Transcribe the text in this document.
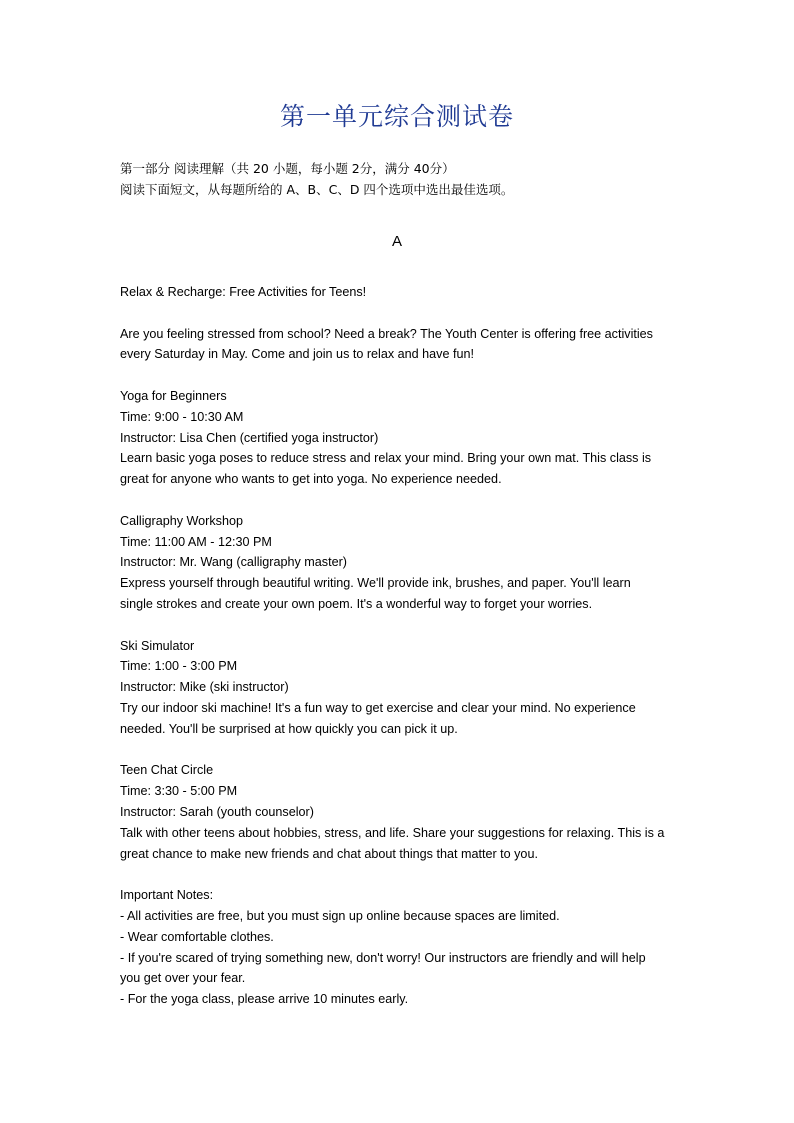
第一单元综合测试卷
第一部分 阅读理解（共 20 小题，每小题 2分，满分 40分）
阅读下面短文，从每题所给的 A、B、C、D 四个选项中选出最佳选项。
A

Relax & Recharge: Free Activities for Teens!

Are you feeling stressed from school? Need a break? The Youth Center is offering free activities

every Saturday in May. Come and join us to relax and have fun!

Yoga for Beginners

Time: 9:00 - 10:30 AM

Instructor: Lisa Chen (certified yoga instructor)

Learn basic yoga poses to reduce stress and relax your mind. Bring your own mat. This class is

great for anyone who wants to get into yoga. No experience needed.

Calligraphy Workshop

Time: 11:00 AM - 12:30 PM

Instructor: Mr. Wang (calligraphy master)

Express yourself through beautiful writing. We'll provide ink, brushes, and paper. You'll learn

single strokes and create your own poem. It's a wonderful way to forget your worries.

Ski Simulator

Time: 1:00 - 3:00 PM

Instructor: Mike (ski instructor)

Try our indoor ski machine! It's a fun way to get exercise and clear your mind. No experience

needed. You'll be surprised at how quickly you can pick it up.

Teen Chat Circle

Time: 3:30 - 5:00 PM

Instructor: Sarah (youth counselor)

Talk with other teens about hobbies, stress, and life. Share your suggestions for relaxing. This is a

great chance to make new friends and chat about things that matter to you.

Important Notes:

- All activities are free, but you must sign up online because spaces are limited.

- Wear comfortable clothes.

- If you're scared of trying something new, don't worry! Our instructors are friendly and will help

you get over your fear.

- For the yoga class, please arrive 10 minutes early.
